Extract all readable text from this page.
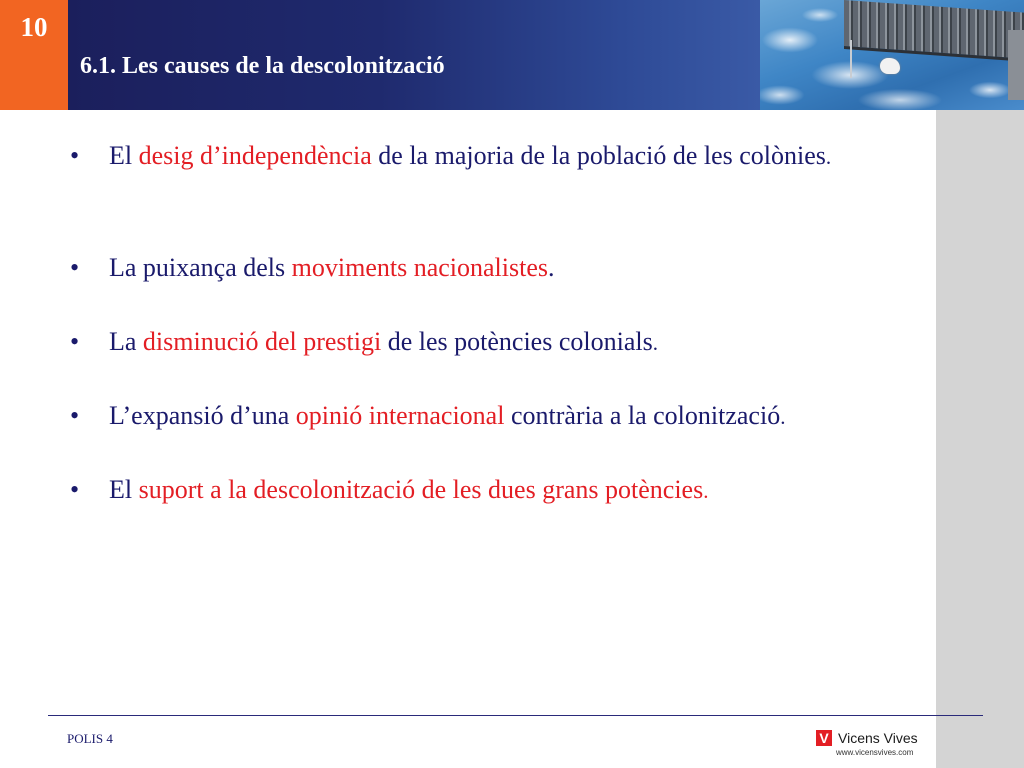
10
6.1. Les causes de la descolonització
•	El desig d’independència de la majoria de la població de les colònies.
•	La puixança dels moviments nacionalistes.
•	La disminució del prestigi de les potències colonials.
•	L’expansió d’una opinió internacional contrària a la colonització.
•	El suport a la descolonització de les dues grans potències.
POLIS 4	V Vicens Vives
www.vicensvives.com
